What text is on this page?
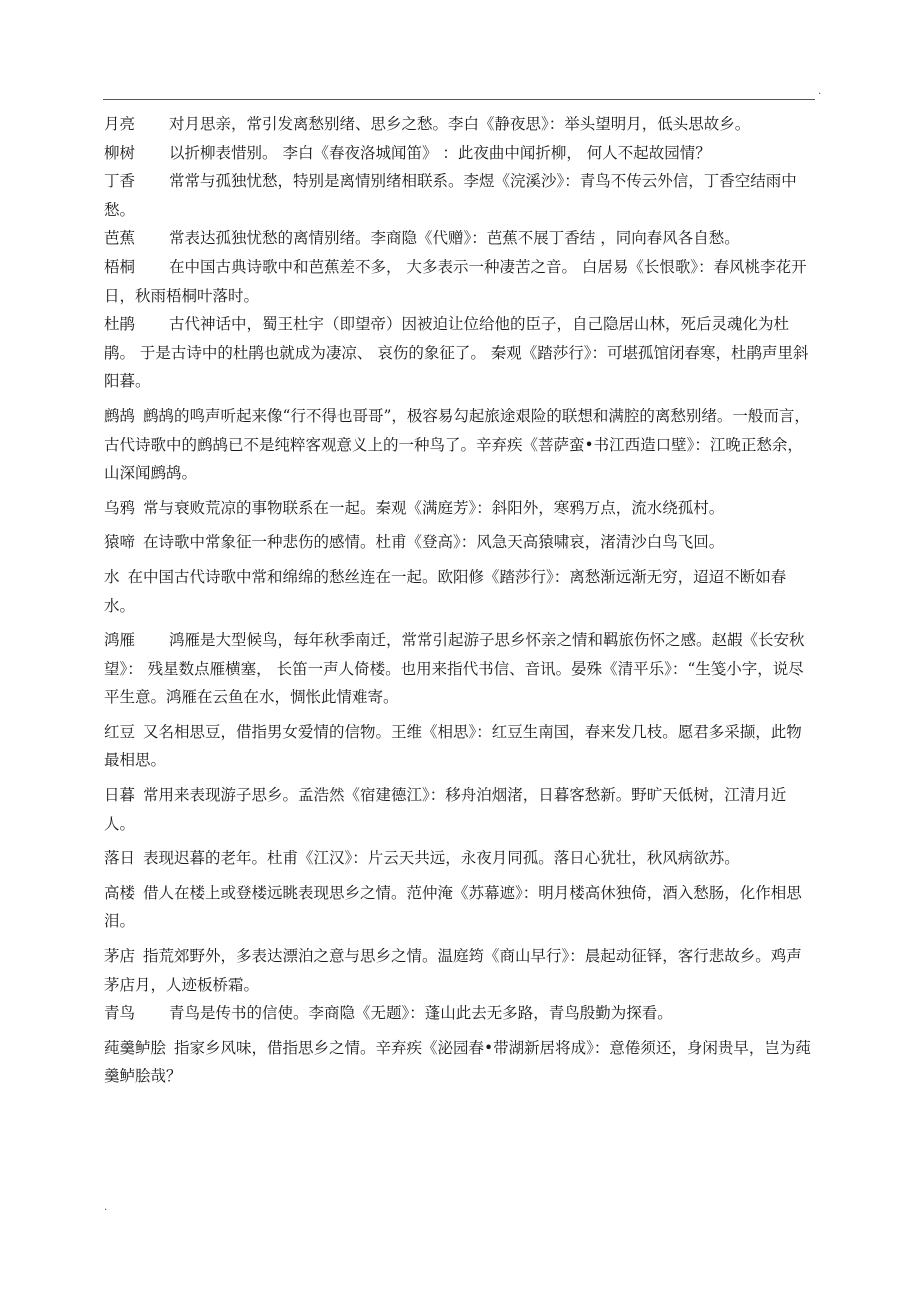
.

月亮 对月思亲，常引发离愁别绪、思乡之愁。李白《静夜思》：举头望明月，低头思故乡。

柳树 以折柳表惜别。 李白《春夜洛城闻笛》 ：此夜曲中闻折柳， 何人不起故园情？

丁香 常常与孤独忧愁，特别是离情别绪相联系。李煜《浣溪沙》：青鸟不传云外信，丁香空结雨中愁。

芭蕉 常表达孤独忧愁的离情别绪。李商隐《代赠》：芭蕉不展丁香结 ，同向春风各自愁。

梧桐 在中国古典诗歌中和芭蕉差不多， 大多表示一种凄苦之音。 白居易《长恨歌》：春风桃李花开日，秋雨梧桐叶落时。

杜鹃 古代神话中，蜀王杜宇（即望帝）因被迫让位给他的臣子，自己隐居山林，死后灵魂化为杜鹃。 于是古诗中的杜鹃也就成为凄凉、 哀伤的象征了。 秦观《踏莎行》：可堪孤馆闭春寒，杜鹃声里斜阳暮。

鹧鸪 鹧鸪的鸣声听起来像“行不得也哥哥”，极容易勾起旅途艰险的联想和满腔的离愁别绪。一般而言，古代诗歌中的鹧鸪已不是纯粹客观意义上的一种鸟了。辛弃疾《菩萨蛮•书江西造口壁》：江晚正愁余，山深闻鹧鸪。

乌鸦 常与衰败荒凉的事物联系在一起。秦观《满庭芳》：斜阳外，寒鸦万点，流水绕孤村。

猿啼 在诗歌中常象征一种悲伤的感情。杜甫《登高》：风急天高猿啸哀，渚清沙白鸟飞回。

水 在中国古代诗歌中常和绵绵的愁丝连在一起。欧阳修《踏莎行》：离愁渐远渐无穷，迢迢不断如春水。

鸿雁 鸿雁是大型候鸟，每年秋季南迁，常常引起游子思乡怀亲之情和羁旅伤怀之感。赵嘏《长安秋望》： 残星数点雁横塞， 长笛一声人倚楼。也用来指代书信、音讯。晏殊《清平乐》：“生笺小字，说尽平生意。鸿雁在云鱼在水，惆怅此情难寄。

红豆 又名相思豆，借指男女爱情的信物。王维《相思》：红豆生南国，春来发几枝。愿君多采撷，此物最相思。

日暮 常用来表现游子思乡。孟浩然《宿建德江》：移舟泊烟渚，日暮客愁新。野旷天低树，江清月近人。

落日 表现迟暮的老年。杜甫《江汉》：片云天共远，永夜月同孤。落日心犹壮，秋风病欲苏。

高楼 借人在楼上或登楼远眺表现思乡之情。范仲淹《苏幕遮》：明月楼高休独倚，酒入愁肠，化作相思泪。

茅店 指荒郊野外，多表达漂泊之意与思乡之情。温庭筠《商山早行》：晨起动征铎，客行悲故乡。鸡声茅店月，人迹板桥霜。

青鸟 青鸟是传书的信使。李商隐《无题》：蓬山此去无多路，青鸟殷勤为探看。

莼羹鲈脍 指家乡风味，借指思乡之情。辛弃疾《泌园春•带湖新居将成》：意倦须还，身闲贵早，岂为莼羹鲈脍哉？

.
